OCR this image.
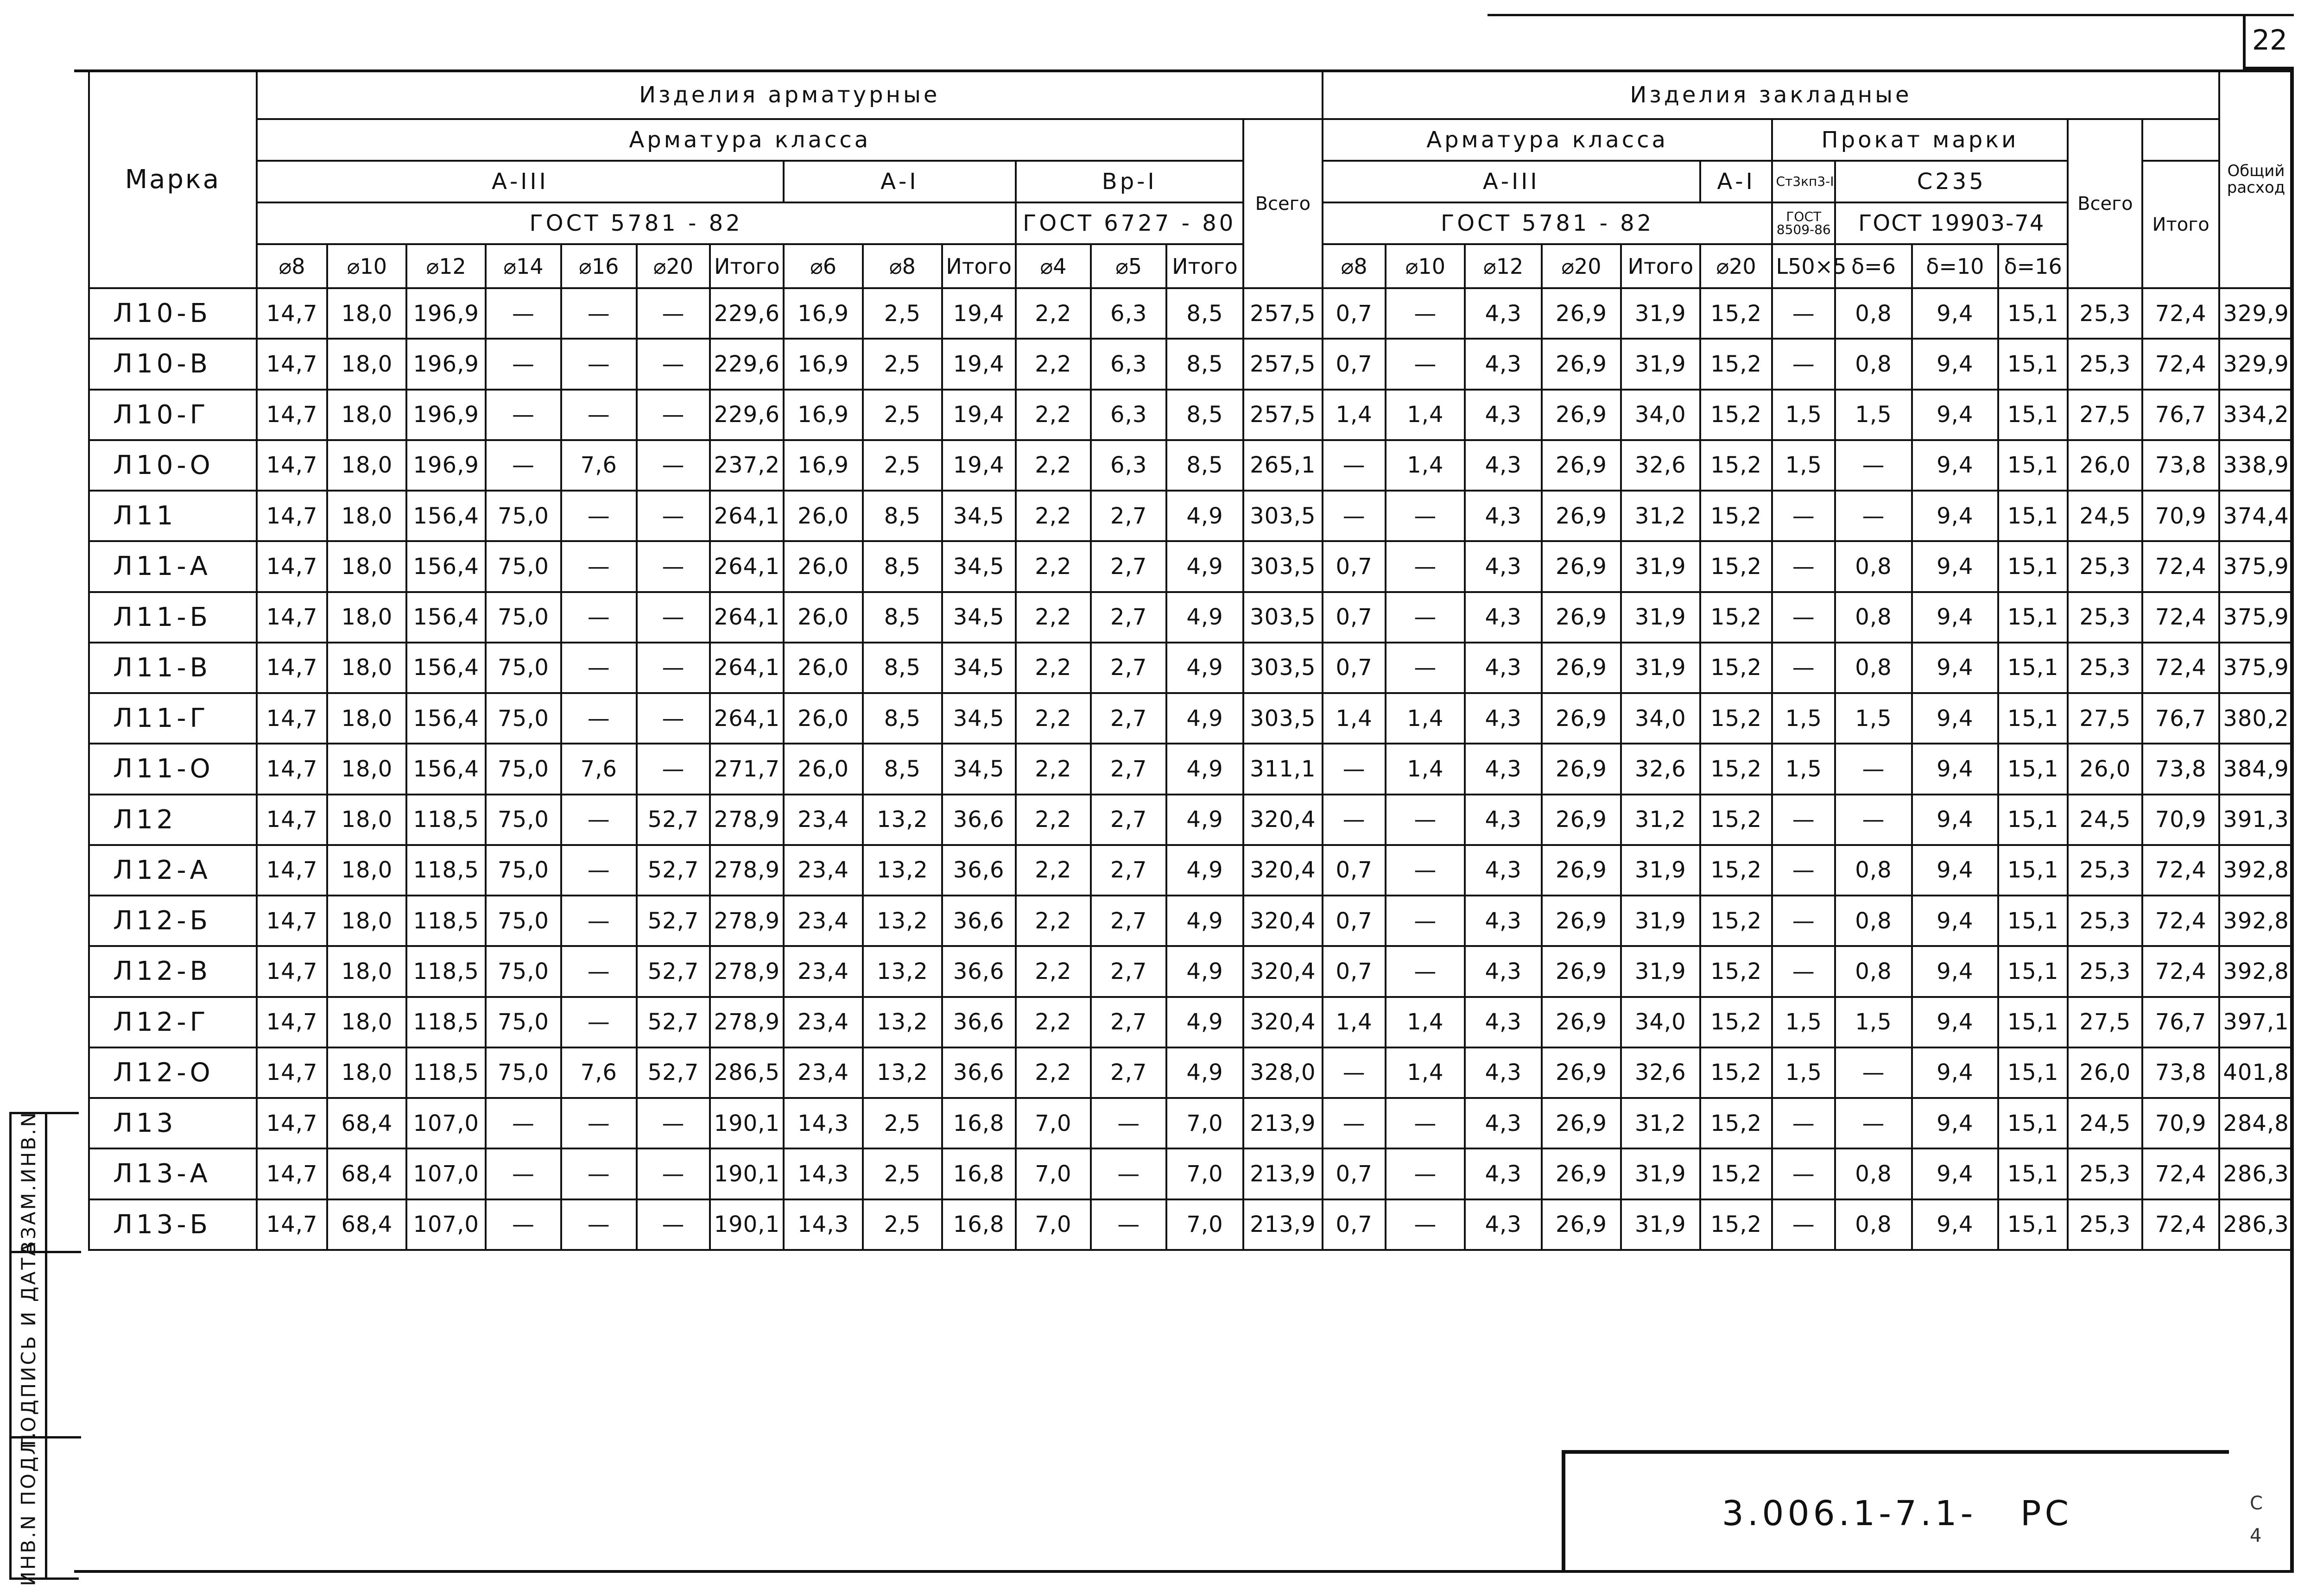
22
Марка	Изделия арматурные														Изделия закладные												Общий расход

	Арматура класса													Всего	Арматура класса						Прокат марки				Всего		
	А-III							А-I			Вр-I				А-III					А-I	Ст3кп3-I	С235				Итого	
	ГОСТ 5781 - 82										ГОСТ 6727 - 80				ГОСТ 5781 - 82						ГОСТ 8509-86	ГОСТ 19903-74					
	⌀8	⌀10	⌀12	⌀14	⌀16	⌀20	Итого	⌀6	⌀8	Итого	⌀4	⌀5	Итого		⌀8	⌀10	⌀12	⌀20	Итого	⌀20	L50×5	δ=6	δ=10	δ=16			
Л10-Б	14,7	18,0	196,9	—	—	—	229,6	16,9	2,5	19,4	2,2	6,3	8,5	257,5	0,7	—	4,3	26,9	31,9	15,2	—	0,8	9,4	15,1	25,3	72,4	329,9
Л10-В	14,7	18,0	196,9	—	—	—	229,6	16,9	2,5	19,4	2,2	6,3	8,5	257,5	0,7	—	4,3	26,9	31,9	15,2	—	0,8	9,4	15,1	25,3	72,4	329,9
Л10-Г	14,7	18,0	196,9	—	—	—	229,6	16,9	2,5	19,4	2,2	6,3	8,5	257,5	1,4	1,4	4,3	26,9	34,0	15,2	1,5	1,5	9,4	15,1	27,5	76,7	334,2
Л10-О	14,7	18,0	196,9	—	7,6	—	237,2	16,9	2,5	19,4	2,2	6,3	8,5	265,1	—	1,4	4,3	26,9	32,6	15,2	1,5	—	9,4	15,1	26,0	73,8	338,9
Л11	14,7	18,0	156,4	75,0	—	—	264,1	26,0	8,5	34,5	2,2	2,7	4,9	303,5	—	—	4,3	26,9	31,2	15,2	—	—	9,4	15,1	24,5	70,9	374,4
Л11-А	14,7	18,0	156,4	75,0	—	—	264,1	26,0	8,5	34,5	2,2	2,7	4,9	303,5	0,7	—	4,3	26,9	31,9	15,2	—	0,8	9,4	15,1	25,3	72,4	375,9
Л11-Б	14,7	18,0	156,4	75,0	—	—	264,1	26,0	8,5	34,5	2,2	2,7	4,9	303,5	0,7	—	4,3	26,9	31,9	15,2	—	0,8	9,4	15,1	25,3	72,4	375,9
Л11-В	14,7	18,0	156,4	75,0	—	—	264,1	26,0	8,5	34,5	2,2	2,7	4,9	303,5	0,7	—	4,3	26,9	31,9	15,2	—	0,8	9,4	15,1	25,3	72,4	375,9
Л11-Г	14,7	18,0	156,4	75,0	—	—	264,1	26,0	8,5	34,5	2,2	2,7	4,9	303,5	1,4	1,4	4,3	26,9	34,0	15,2	1,5	1,5	9,4	15,1	27,5	76,7	380,2
Л11-О	14,7	18,0	156,4	75,0	7,6	—	271,7	26,0	8,5	34,5	2,2	2,7	4,9	311,1	—	1,4	4,3	26,9	32,6	15,2	1,5	—	9,4	15,1	26,0	73,8	384,9
Л12	14,7	18,0	118,5	75,0	—	52,7	278,9	23,4	13,2	36,6	2,2	2,7	4,9	320,4	—	—	4,3	26,9	31,2	15,2	—	—	9,4	15,1	24,5	70,9	391,3
Л12-А	14,7	18,0	118,5	75,0	—	52,7	278,9	23,4	13,2	36,6	2,2	2,7	4,9	320,4	0,7	—	4,3	26,9	31,9	15,2	—	0,8	9,4	15,1	25,3	72,4	392,8
Л12-Б	14,7	18,0	118,5	75,0	—	52,7	278,9	23,4	13,2	36,6	2,2	2,7	4,9	320,4	0,7	—	4,3	26,9	31,9	15,2	—	0,8	9,4	15,1	25,3	72,4	392,8
Л12-В	14,7	18,0	118,5	75,0	—	52,7	278,9	23,4	13,2	36,6	2,2	2,7	4,9	320,4	0,7	—	4,3	26,9	31,9	15,2	—	0,8	9,4	15,1	25,3	72,4	392,8
Л12-Г	14,7	18,0	118,5	75,0	—	52,7	278,9	23,4	13,2	36,6	2,2	2,7	4,9	320,4	1,4	1,4	4,3	26,9	34,0	15,2	1,5	1,5	9,4	15,1	27,5	76,7	397,1
Л12-О	14,7	18,0	118,5	75,0	7,6	52,7	286,5	23,4	13,2	36,6	2,2	2,7	4,9	328,0	—	1,4	4,3	26,9	32,6	15,2	1,5	—	9,4	15,1	26,0	73,8	401,8
Л13	14,7	68,4	107,0	—	—	—	190,1	14,3	2,5	16,8	7,0	—	7,0	213,9	—	—	4,3	26,9	31,2	15,2	—	—	9,4	15,1	24,5	70,9	284,8
Л13-А	14,7	68,4	107,0	—	—	—	190,1	14,3	2,5	16,8	7,0	—	7,0	213,9	0,7	—	4,3	26,9	31,9	15,2	—	0,8	9,4	15,1	25,3	72,4	286,3
Л13-Б	14,7	68,4	107,0	—	—	—	190,1	14,3	2,5	16,8	7,0	—	7,0	213,9	0,7	—	4,3	26,9	31,9	15,2	—	0,8	9,4	15,1	25,3	72,4	286,3
ВЗАМ.ИНВ.N
ПОДПИСЬ И ДАТА
ИНВ.N ПОДЛ.	3.006.1-7.1-   РС	С
4
